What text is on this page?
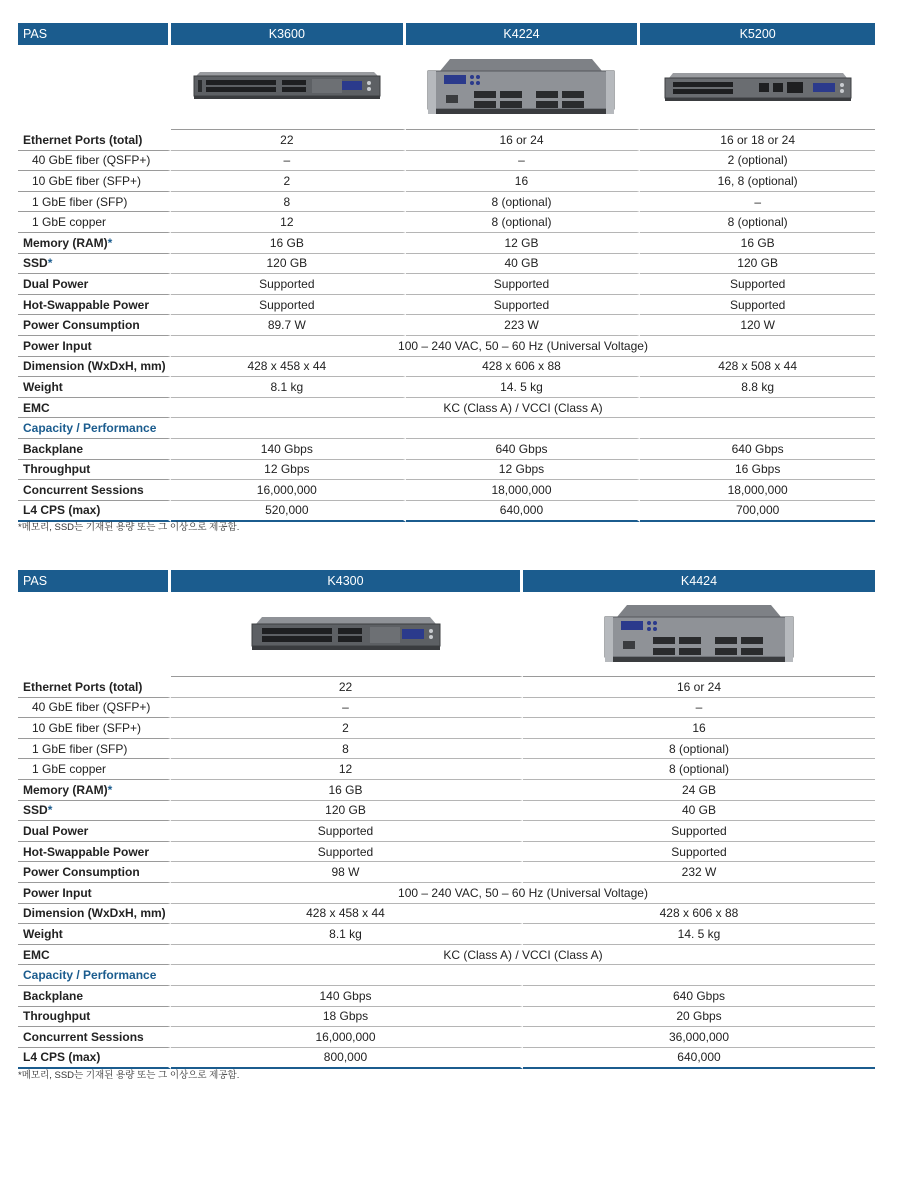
PAS	K3600	K4224	K5200

Ethernet Ports (total)	22	16 or 24	16 or 18 or 24
40 GbE fiber (QSFP+)	–	–	2 (optional)
10 GbE fiber (SFP+)	2	16	16, 8 (optional)
1 GbE fiber (SFP)	8	8 (optional)	–
1 GbE copper	12	8 (optional)	8 (optional)
Memory (RAM)*	16 GB	12 GB	16 GB
SSD*	120 GB	40 GB	120 GB
Dual Power	Supported	Supported	Supported
Hot-Swappable Power	Supported	Supported	Supported
Power Consumption	89.7 W	223 W	120 W
Power Input	100 – 240 VAC, 50 – 60 Hz (Universal Voltage)		
Dimension (WxDxH, mm)	428 x 458 x 44	428 x 606 x 88	428 x 508 x 44
Weight	8.1 kg	14. 5 kg	8.8 kg
EMC	KC (Class A) / VCCI (Class A)		
Capacity / Performance			
Backplane	140 Gbps	640 Gbps	640 Gbps
Throughput	12 Gbps	12 Gbps	16 Gbps
Concurrent Sessions	16,000,000	18,000,000	18,000,000
L4 CPS (max)	520,000	640,000	700,000
*메모리, SSD는 기재된 용량 또는 그 이상으로 제공함.
PAS	K4300	K4424

Ethernet Ports (total)	22	16 or 24
40 GbE fiber (QSFP+)	–	–
10 GbE fiber (SFP+)	2	16
1 GbE fiber (SFP)	8	8 (optional)
1 GbE copper	12	8 (optional)
Memory (RAM)*	16 GB	24 GB
SSD*	120 GB	40 GB
Dual Power	Supported	Supported
Hot-Swappable Power	Supported	Supported
Power Consumption	98 W	232 W
Power Input	100 – 240 VAC, 50 – 60 Hz (Universal Voltage)	
Dimension (WxDxH, mm)	428 x 458 x 44	428 x 606 x 88
Weight	8.1 kg	14. 5 kg
EMC	KC (Class A) / VCCI (Class A)	
Capacity / Performance		
Backplane	140 Gbps	640 Gbps
Throughput	18 Gbps	20 Gbps
Concurrent Sessions	16,000,000	36,000,000
L4 CPS (max)	800,000	640,000
*메모리, SSD는 기재된 용량 또는 그 이상으로 제공함.
